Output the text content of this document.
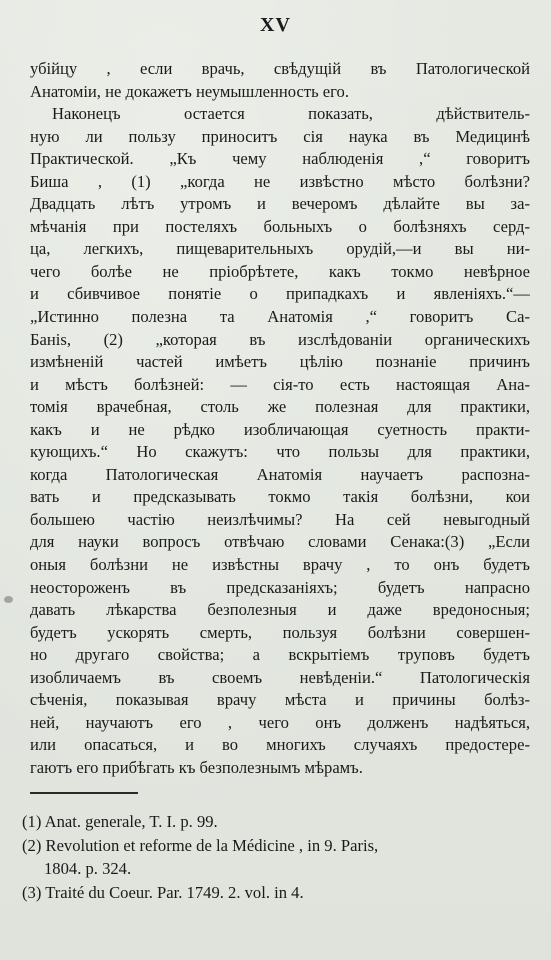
XV
убійцу , если врачь, свѣдущій въ Патологической
Анатоміи, не докажетъ неумышленность его.
Наконецъ остается показать, дѣйствитель-
ную ли пользу приноситъ сія наука въ Медицинѣ
Практической. „Къ чему наблюденія ,“ говоритъ
Биша , (1) „когда не извѣстно мѣсто болѣзни?
Двадцать лѣтъ утромъ и вечеромъ дѣлайте вы за-
мѣчанія при постеляхъ больныхъ о болѣзняхъ серд-
ца, легкихъ, пищеварительныхъ орудій,—и вы ни-
чего болѣе не пріобрѣтете, какъ токмо невѣрное
и сбивчивое понятіе о припадкахъ и явленіяхъ.“—
„Истинно полезна та Анатомія ,“ говоритъ Са-
Банis, (2) „которая въ изслѣдованіи органическихъ
измѣненій частей имѣетъ цѣлію познаніе причинъ
и мѣстъ болѣзней: — сія-то есть настоящая Ана-
томія врачебная, столь же полезная для практики,
какъ и не рѣдко изобличающая суетность практи-
кующихъ.“ Но скажутъ: что пользы для практики,
когда Патологическая Анатомія научаетъ распозна-
вать и предсказывать токмо такія болѣзни, кои
большею частію неизлѣчимы? На сей невыгодный
для науки вопросъ отвѣчаю словами Сенака:(3) „Если
оныя болѣзни не извѣстны врачу , то онъ будетъ
неостороженъ въ предсказаніяхъ; будетъ напрасно
давать лѣкарства безполезныя и даже вредоносныя;
будетъ ускорять смерть, пользуя болѣзни совершен-
но другаго свойства; а вскрытіемъ труповъ будетъ
изобличаемъ въ своемъ невѣденіи.“ Патологическія
сѣченія, показывая врачу мѣста и причины болѣз-
ней, научаютъ его , чего онъ долженъ надѣяться,
или опасаться, и во многихъ случаяхъ предостере-
гаютъ его прибѣгать къ безполезнымъ мѣрамъ.
(1) Anat. generale, T. I. p. 99.
(2) Revolution et reforme de la Médicine , in 9. Paris,
1804. p. 324.
(3) Traité du Coeur. Par. 1749. 2. vol. in 4.
